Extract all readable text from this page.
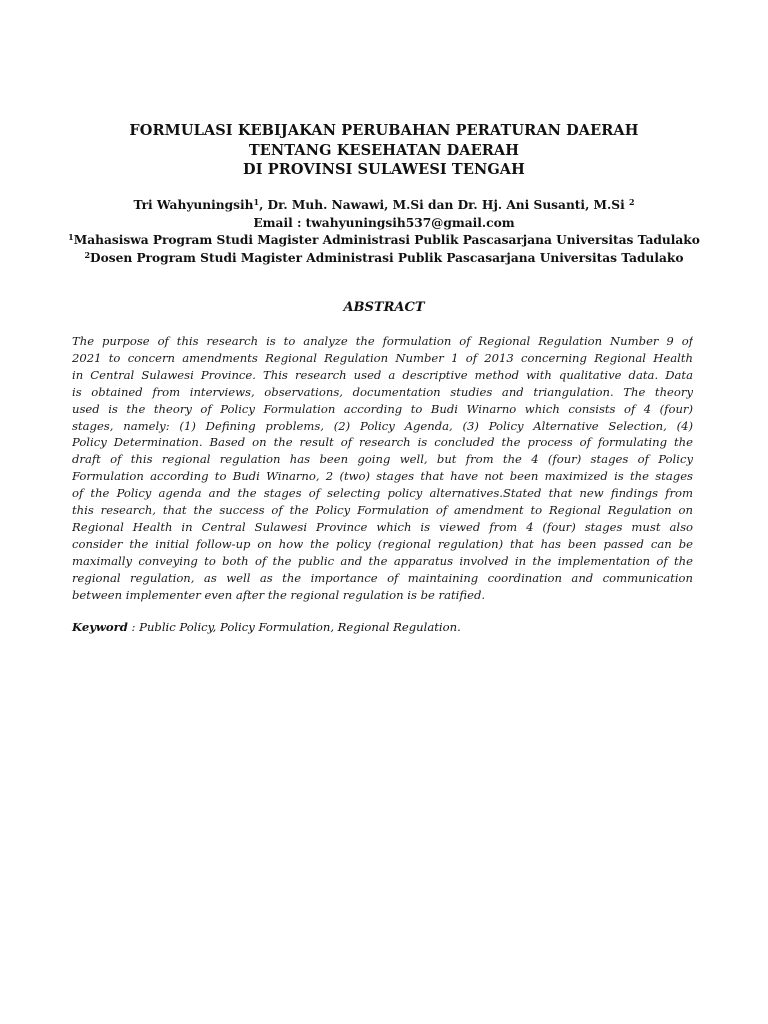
FORMULASI KEBIJAKAN PERUBAHAN PERATURAN DAERAH
TENTANG KESEHATAN DAERAH
DI PROVINSI SULAWESI TENGAH
Tri Wahyuningsih$^1$, Dr. Muh. Nawawi, M.Si dan Dr. Hj. Ani Susanti, M.Si $^2$
Email : twahyuningsih537@gmail.com
$^1$Mahasiswa Program Studi Magister Administrasi Publik Pascasarjana Universitas Tadulako
$^2$Dosen Program Studi Magister Administrasi Publik Pascasarjana Universitas Tadulako
ABSTRACT
The purpose of this research is to analyze the formulation of Regional Regulation Number 9 of
2021 to concern amendments Regional Regulation Number 1 of 2013 concerning Regional Health
in Central Sulawesi Province. This research used a descriptive method with qualitative data. Data
is obtained from interviews, observations, documentation studies and triangulation. The theory
used is the theory of Policy Formulation according to Budi Winarno which consists of 4 (four)
stages, namely: (1) Defining problems, (2) Policy Agenda, (3) Policy Alternative Selection, (4)
Policy Determination. Based on the result of research is concluded the process of formulating the
draft of this regional regulation has been going well, but from the 4 (four) stages of Policy
Formulation according to Budi Winarno, 2 (two) stages that have not been maximized is the stages
of the Policy agenda and the stages of selecting policy alternatives.Stated that new findings from
this research, that the success of the Policy Formulation of amendment to Regional Regulation on
Regional Health in Central Sulawesi Province which is viewed from 4 (four) stages must also
consider the initial follow-up on how the policy (regional regulation) that has been passed can be
maximally conveying to both of the public and the apparatus involved in the implementation of the
regional regulation, as well as the importance of maintaining coordination and communication
between implementer even after the regional regulation is be ratified.
Keyword : Public Policy, Policy Formulation, Regional Regulation.
